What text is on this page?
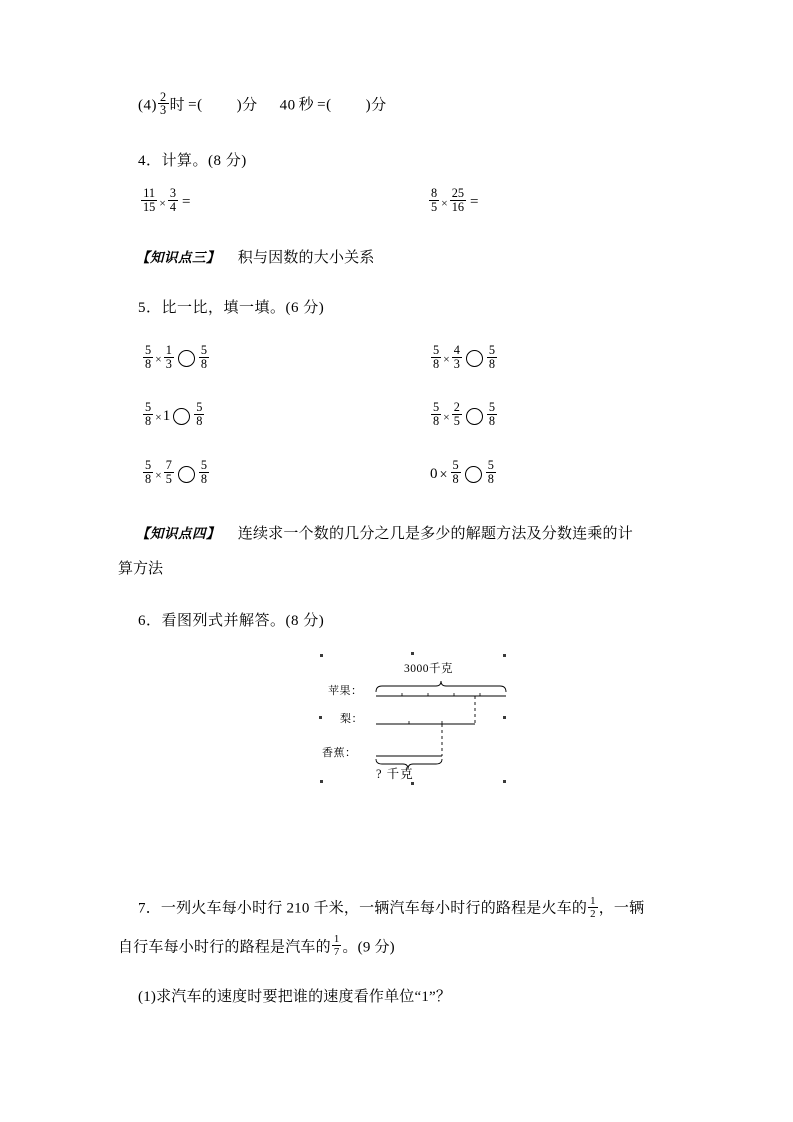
$(4) \frac{2}{3}$ 时 =( )分 40 秒 =( )分
4．计算。(8 分)
$\frac{11}{15} \times \frac{3}{4}$ =	$\frac{8}{5} \times \frac{25}{16}$ =
【知识点三】 积与因数的大小关系
5．比一比，填一填。(6 分)
$\frac{5}{8} \times \frac{1}{3} \frac{5}{8}$	$\frac{5}{8} \times \frac{4}{3} \frac{5}{8}$
$\frac{5}{8} \times 1 \frac{5}{8}$	$\frac{5}{8} \times \frac{2}{5} \frac{5}{8}$
$\frac{5}{8} \times \frac{7}{5} \frac{5}{8}$	$0 \times \frac{5}{8} \frac{5}{8}$
【知识点四】 连续求一个数的几分之几是多少的解题方法及分数连乘的计
算方法
6．看图列式并解答。(8 分)
3000千克
苹果：
梨：
香蕉：
? 千克
7．一列火车每小时行 210 千米，一辆汽车每小时行的路程是火车的 $\frac{1}{2}$ ，一辆
自行车每小时行的路程是汽车的 $\frac{1}{7}$ 。(9 分)
(1)求汽车的速度时要把谁的速度看作单位“1”？
